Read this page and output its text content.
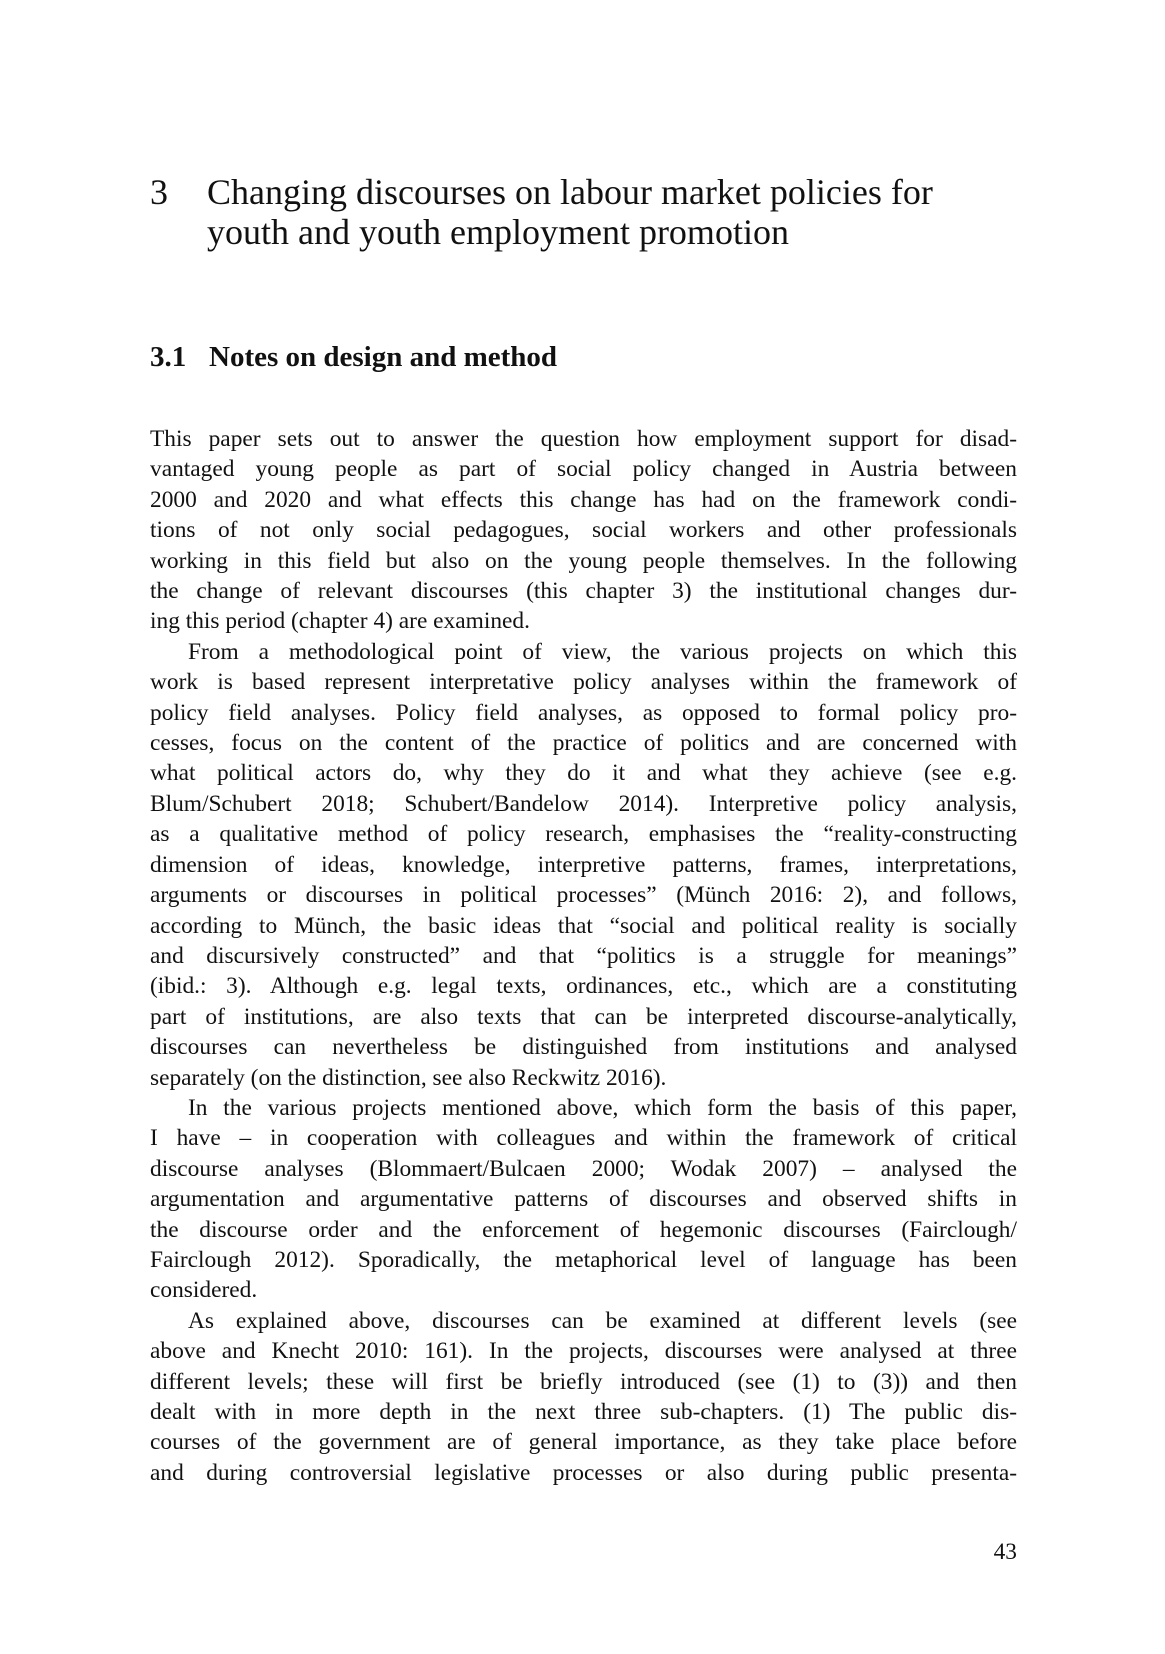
3	Changing discourses on labour market policies for
youth and youth employment promotion
3.1 Notes on design and method

This paper sets out to answer the question how employment support for disad-
vantaged young people as part of social policy changed in Austria between
2000 and 2020 and what effects this change has had on the framework condi-
tions of not only social pedagogues, social workers and other professionals
working in this field but also on the young people themselves. In the following
the change of relevant discourses (this chapter 3) the institutional changes dur-
ing this period (chapter 4) are examined.

From a methodological point of view, the various projects on which this
work is based represent interpretative policy analyses within the framework of
policy field analyses. Policy field analyses, as opposed to formal policy pro-
cesses, focus on the content of the practice of politics and are concerned with
what political actors do, why they do it and what they achieve (see e.g.
Blum/Schubert 2018; Schubert/Bandelow 2014). Interpretive policy analysis,
as a qualitative method of policy research, emphasises the “reality-constructing
dimension of ideas, knowledge, interpretive patterns, frames, interpretations,
arguments or discourses in political processes” (Münch 2016: 2), and follows,
according to Münch, the basic ideas that “social and political reality is socially
and discursively constructed” and that “politics is a struggle for meanings”
(ibid.: 3). Although e.g. legal texts, ordinances, etc., which are a constituting
part of institutions, are also texts that can be interpreted discourse-analytically,
discourses can nevertheless be distinguished from institutions and analysed
separately (on the distinction, see also Reckwitz 2016).

In the various projects mentioned above, which form the basis of this paper,
I have – in cooperation with colleagues and within the framework of critical
discourse analyses (Blommaert/Bulcaen 2000; Wodak 2007) – analysed the
argumentation and argumentative patterns of discourses and observed shifts in
the discourse order and the enforcement of hegemonic discourses (Fairclough/
Fairclough 2012). Sporadically, the metaphorical level of language has been
considered.

As explained above, discourses can be examined at different levels (see
above and Knecht 2010: 161). In the projects, discourses were analysed at three
different levels; these will first be briefly introduced (see (1) to (3)) and then
dealt with in more depth in the next three sub-chapters. (1) The public dis-
courses of the government are of general importance, as they take place before
and during controversial legislative processes or also during public presenta-

43
